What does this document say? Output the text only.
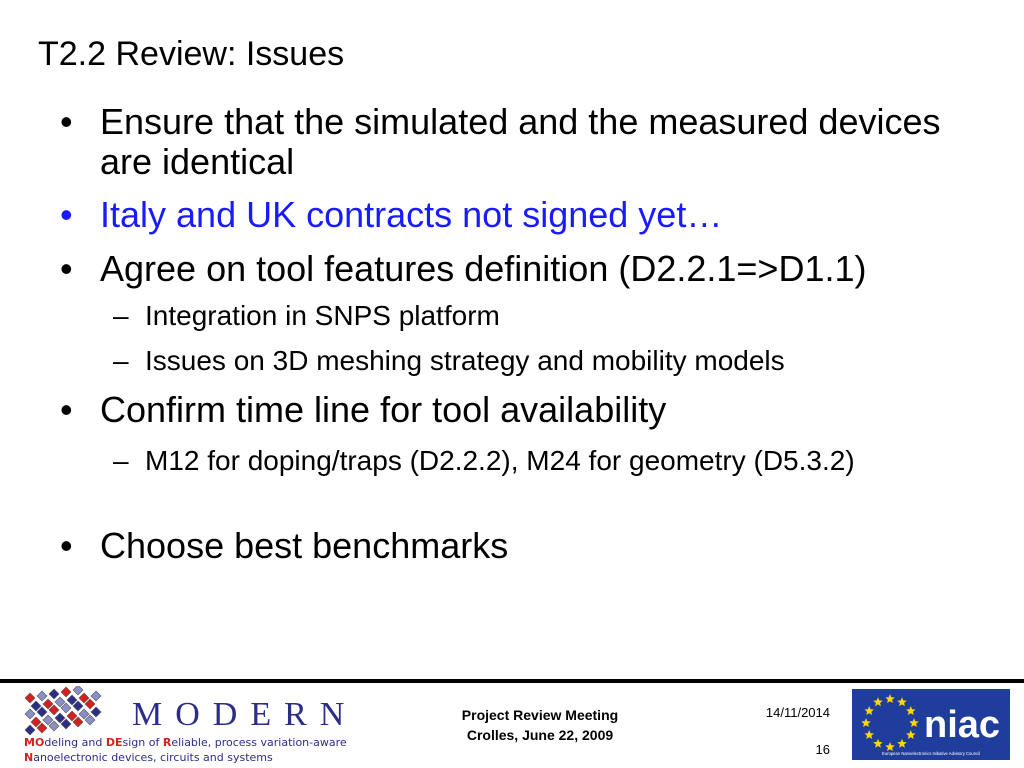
T2.2 Review: Issues
• Ensure that the simulated and the measured devices are identical
• Italy and UK contracts not signed yet…
• Agree on tool features definition (D2.2.1=>D1.1)
– Integration in SNPS platform
– Issues on 3D meshing strategy and mobility models
• Confirm time line for tool availability
– M12 for doping/traps (D2.2.2), M24 for geometry (D5.3.2)
• Choose best benchmarks
MODERN
MOdeling and DEsign of Reliable, process variation-aware
Nanoelectronic devices, circuits and systems
Project Review Meeting
Crolles, June 22, 2009
14/11/2014
16
niac
European Nanoelectronics Initiative Advisory Council
